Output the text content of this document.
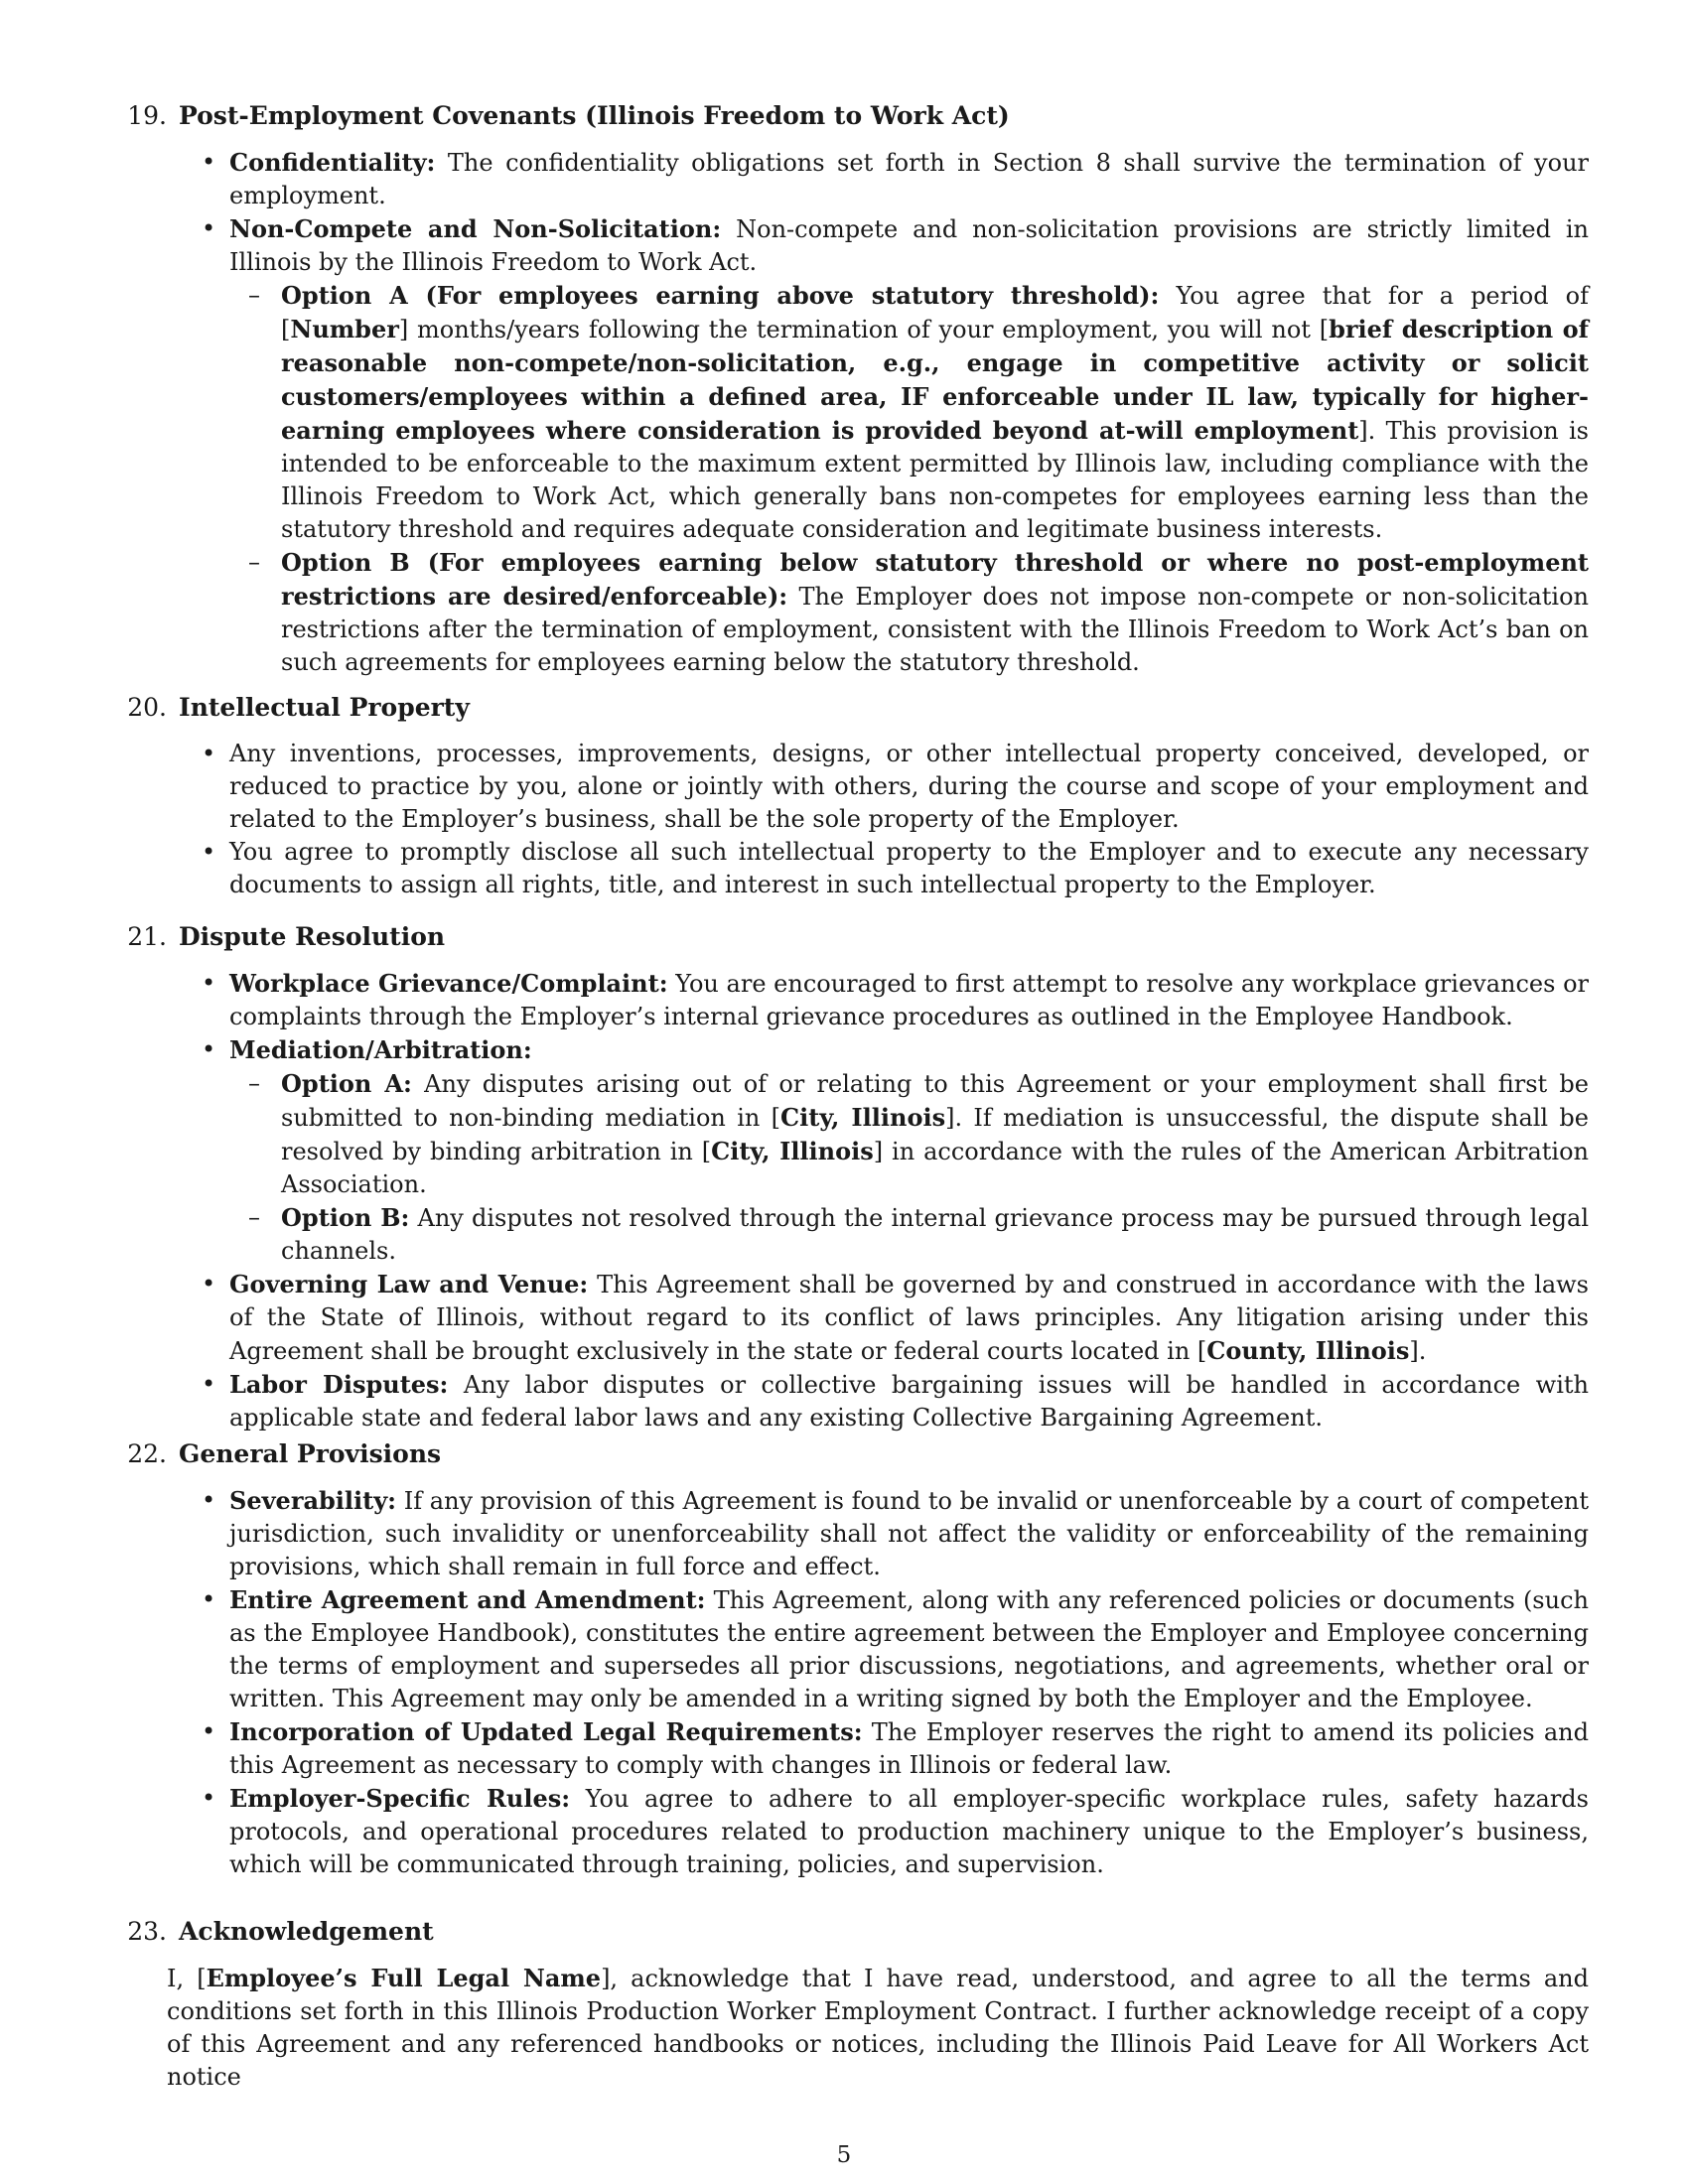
19. Post-Employment Covenants (Illinois Freedom to Work Act)
• Confidentiality: The confidentiality obligations set forth in Section 8 shall survive the termination of your employment.
• Non-Compete and Non-Solicitation: Non-compete and non-solicitation provisions are strictly limited in Illinois by the Illinois Freedom to Work Act.
– Option A (For employees earning above statutory threshold): You agree that for a period of [Number] months/years following the termination of your employment, you will not [brief description of reasonable non-compete/non-solicitation, e.g., engage in competitive activity or solicit customers/employees within a defined area, IF enforceable under IL law, typically for higher-earning employees where consideration is provided beyond at-will employment]. This provision is intended to be enforceable to the maximum extent permitted by Illinois law, including compliance with the Illinois Freedom to Work Act, which generally bans non-competes for employees earning less than the statutory threshold and requires adequate consideration and legitimate business interests.
– Option B (For employees earning below statutory threshold or where no post-employment restrictions are desired/enforceable): The Employer does not impose non-compete or non-solicitation restrictions after the termination of employment, consistent with the Illinois Freedom to Work Act’s ban on such agreements for employees earning below the statutory threshold.
20. Intellectual Property
• Any inventions, processes, improvements, designs, or other intellectual property conceived, developed, or reduced to practice by you, alone or jointly with others, during the course and scope of your employment and related to the Employer’s business, shall be the sole property of the Employer.
• You agree to promptly disclose all such intellectual property to the Employer and to execute any necessary documents to assign all rights, title, and interest in such intellectual property to the Employer.
21. Dispute Resolution
• Workplace Grievance/Complaint: You are encouraged to first attempt to resolve any workplace grievances or complaints through the Employer’s internal grievance procedures as outlined in the Employee Handbook.
• Mediation/Arbitration:
– Option A: Any disputes arising out of or relating to this Agreement or your employment shall first be submitted to non-binding mediation in [City, Illinois]. If mediation is unsuccessful, the dispute shall be resolved by binding arbitration in [City, Illinois] in accordance with the rules of the American Arbitration Association.
– Option B: Any disputes not resolved through the internal grievance process may be pursued through legal channels.
• Governing Law and Venue: This Agreement shall be governed by and construed in accordance with the laws of the State of Illinois, without regard to its conflict of laws principles. Any litigation arising under this Agreement shall be brought exclusively in the state or federal courts located in [County, Illinois].
• Labor Disputes: Any labor disputes or collective bargaining issues will be handled in accordance with applicable state and federal labor laws and any existing Collective Bargaining Agreement.
22. General Provisions
• Severability: If any provision of this Agreement is found to be invalid or unenforceable by a court of competent jurisdiction, such invalidity or unenforceability shall not affect the validity or enforceability of the remaining provisions, which shall remain in full force and effect.
• Entire Agreement and Amendment: This Agreement, along with any referenced policies or documents (such as the Employee Handbook), constitutes the entire agreement between the Employer and Employee concerning the terms of employment and supersedes all prior discussions, negotiations, and agreements, whether oral or written. This Agreement may only be amended in a writing signed by both the Employer and the Employee.
• Incorporation of Updated Legal Requirements: The Employer reserves the right to amend its policies and this Agreement as necessary to comply with changes in Illinois or federal law.
• Employer-Specific Rules: You agree to adhere to all employer-specific workplace rules, safety hazards protocols, and operational procedures related to production machinery unique to the Employer’s business, which will be communicated through training, policies, and supervision.
23. Acknowledgement
I, [Employee’s Full Legal Name], acknowledge that I have read, understood, and agree to all the terms and conditions set forth in this Illinois Production Worker Employment Contract. I further acknowledge receipt of a copy of this Agreement and any referenced handbooks or notices, including the Illinois Paid Leave for All Workers Act notice
5
